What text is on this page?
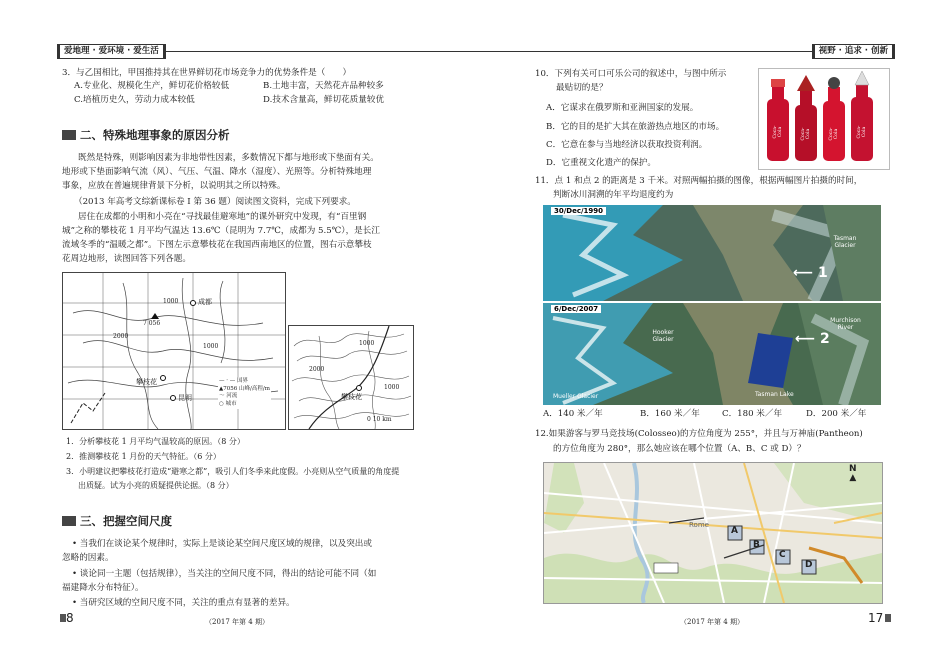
爱地理 · 爱环境 · 爱生活	视野 · 追求 · 创新
3．与乙国相比，甲国推持其在世界鲜切花市场竞争力的优势条件是（　　）
A.专业化、规模化生产，鲜切花价格较低	B.土地丰富，天然花卉品种较多
C.培植历史久，劳动力成本较低	D.技术含量高，鲜切花质量较优
二、特殊地理事象的原因分析
既然是特殊，则影响因素为非地带性因素，多数情况下都与地形或下垫面有关。
地形或下垫面影响气流（风）、气压、气温、降水（湿度）、光照等。分析特殊地理
事象，应放在普遍规律背景下分析，以说明其之所以特殊。
（2013 年高考文综新课标卷 Ⅰ 第 36 题）阅读图文资料，完成下列要求。
居住在成都的小明和小亮在“寻找最佳避寒地”的课外研究中发现，有“百里钢
城”之称的攀枝花 1 月平均气温达 13.6℃（昆明为 7.7℃，成都为 5.5℃），是长江
流域冬季的“温暖之都”。下图左示意攀枝花在我国西南地区的位置，图右示意攀枝
花周边地形，读图回答下列各题。
成都
攀枝花
昆明
7 056
1000
1000
2000
— · — 国界
▲7056 山峰/高程/m
～ 河流
○ 城市
攀枝花
2000
1000
1000
0 10 km
1．分析攀枝花 1 月平均气温较高的原因。（8 分）
2．推测攀枝花 1 月份的天气特征。（6 分）
3．小明建议把攀枝花打造成“避寒之都”，吸引人们冬季来此度假。小亮则从空气质量的角度提
出质疑。试为小亮的质疑提供论据。（8 分）
三、把握空间尺度
• 当我们在谈论某个规律时，实际上是谈论某空间尺度区域的规律，以及突出或
忽略的因素。
• 谈论同一主题（包括规律），当关注的空间尺度不同，得出的结论可能不同（如
福建降水分布特征）。
• 当研究区域的空间尺度不同，关注的重点有显著的差异。
8	（2017 年第 4 期）
10．下列有关可口可乐公司的叙述中，与图中所示
最贴切的是？
A．它谋求在俄罗斯和亚洲国家的发展。
B．它的目的是扩大其在旅游热点地区的市场。
C．它意在参与当地经济以获取投资利润。
D．它重视文化遗产的保护。
Coca-Cola	Coca-Cola	Coca-Cola	Coca-Cola
11．点 1 和点 2 的距离是 3 千米。对照两幅拍摄的图像，根据两幅图片拍摄的时间，
判断冰川洞溯的年平均退度约为
30/Dec/1990
Tasman Glacier
⟵ 1
6/Dec/2007
Hooker Glacier
Murchison River
Tasman Lake
Mueller Glacier
⟵ 2
A．140 米／年	B．160 米／年	C．180 米／年	D．200 米／年
12.如果游客与罗马竞技场(Colosseo)的方位角度为 255°，并且与万神庙(Pantheon)
的方位角度为 280°，那么她应该在哪个位置（A、B、C 或 D）？
A
B
C
D
Rome
N
▲
（2017 年第 4 期）	17
